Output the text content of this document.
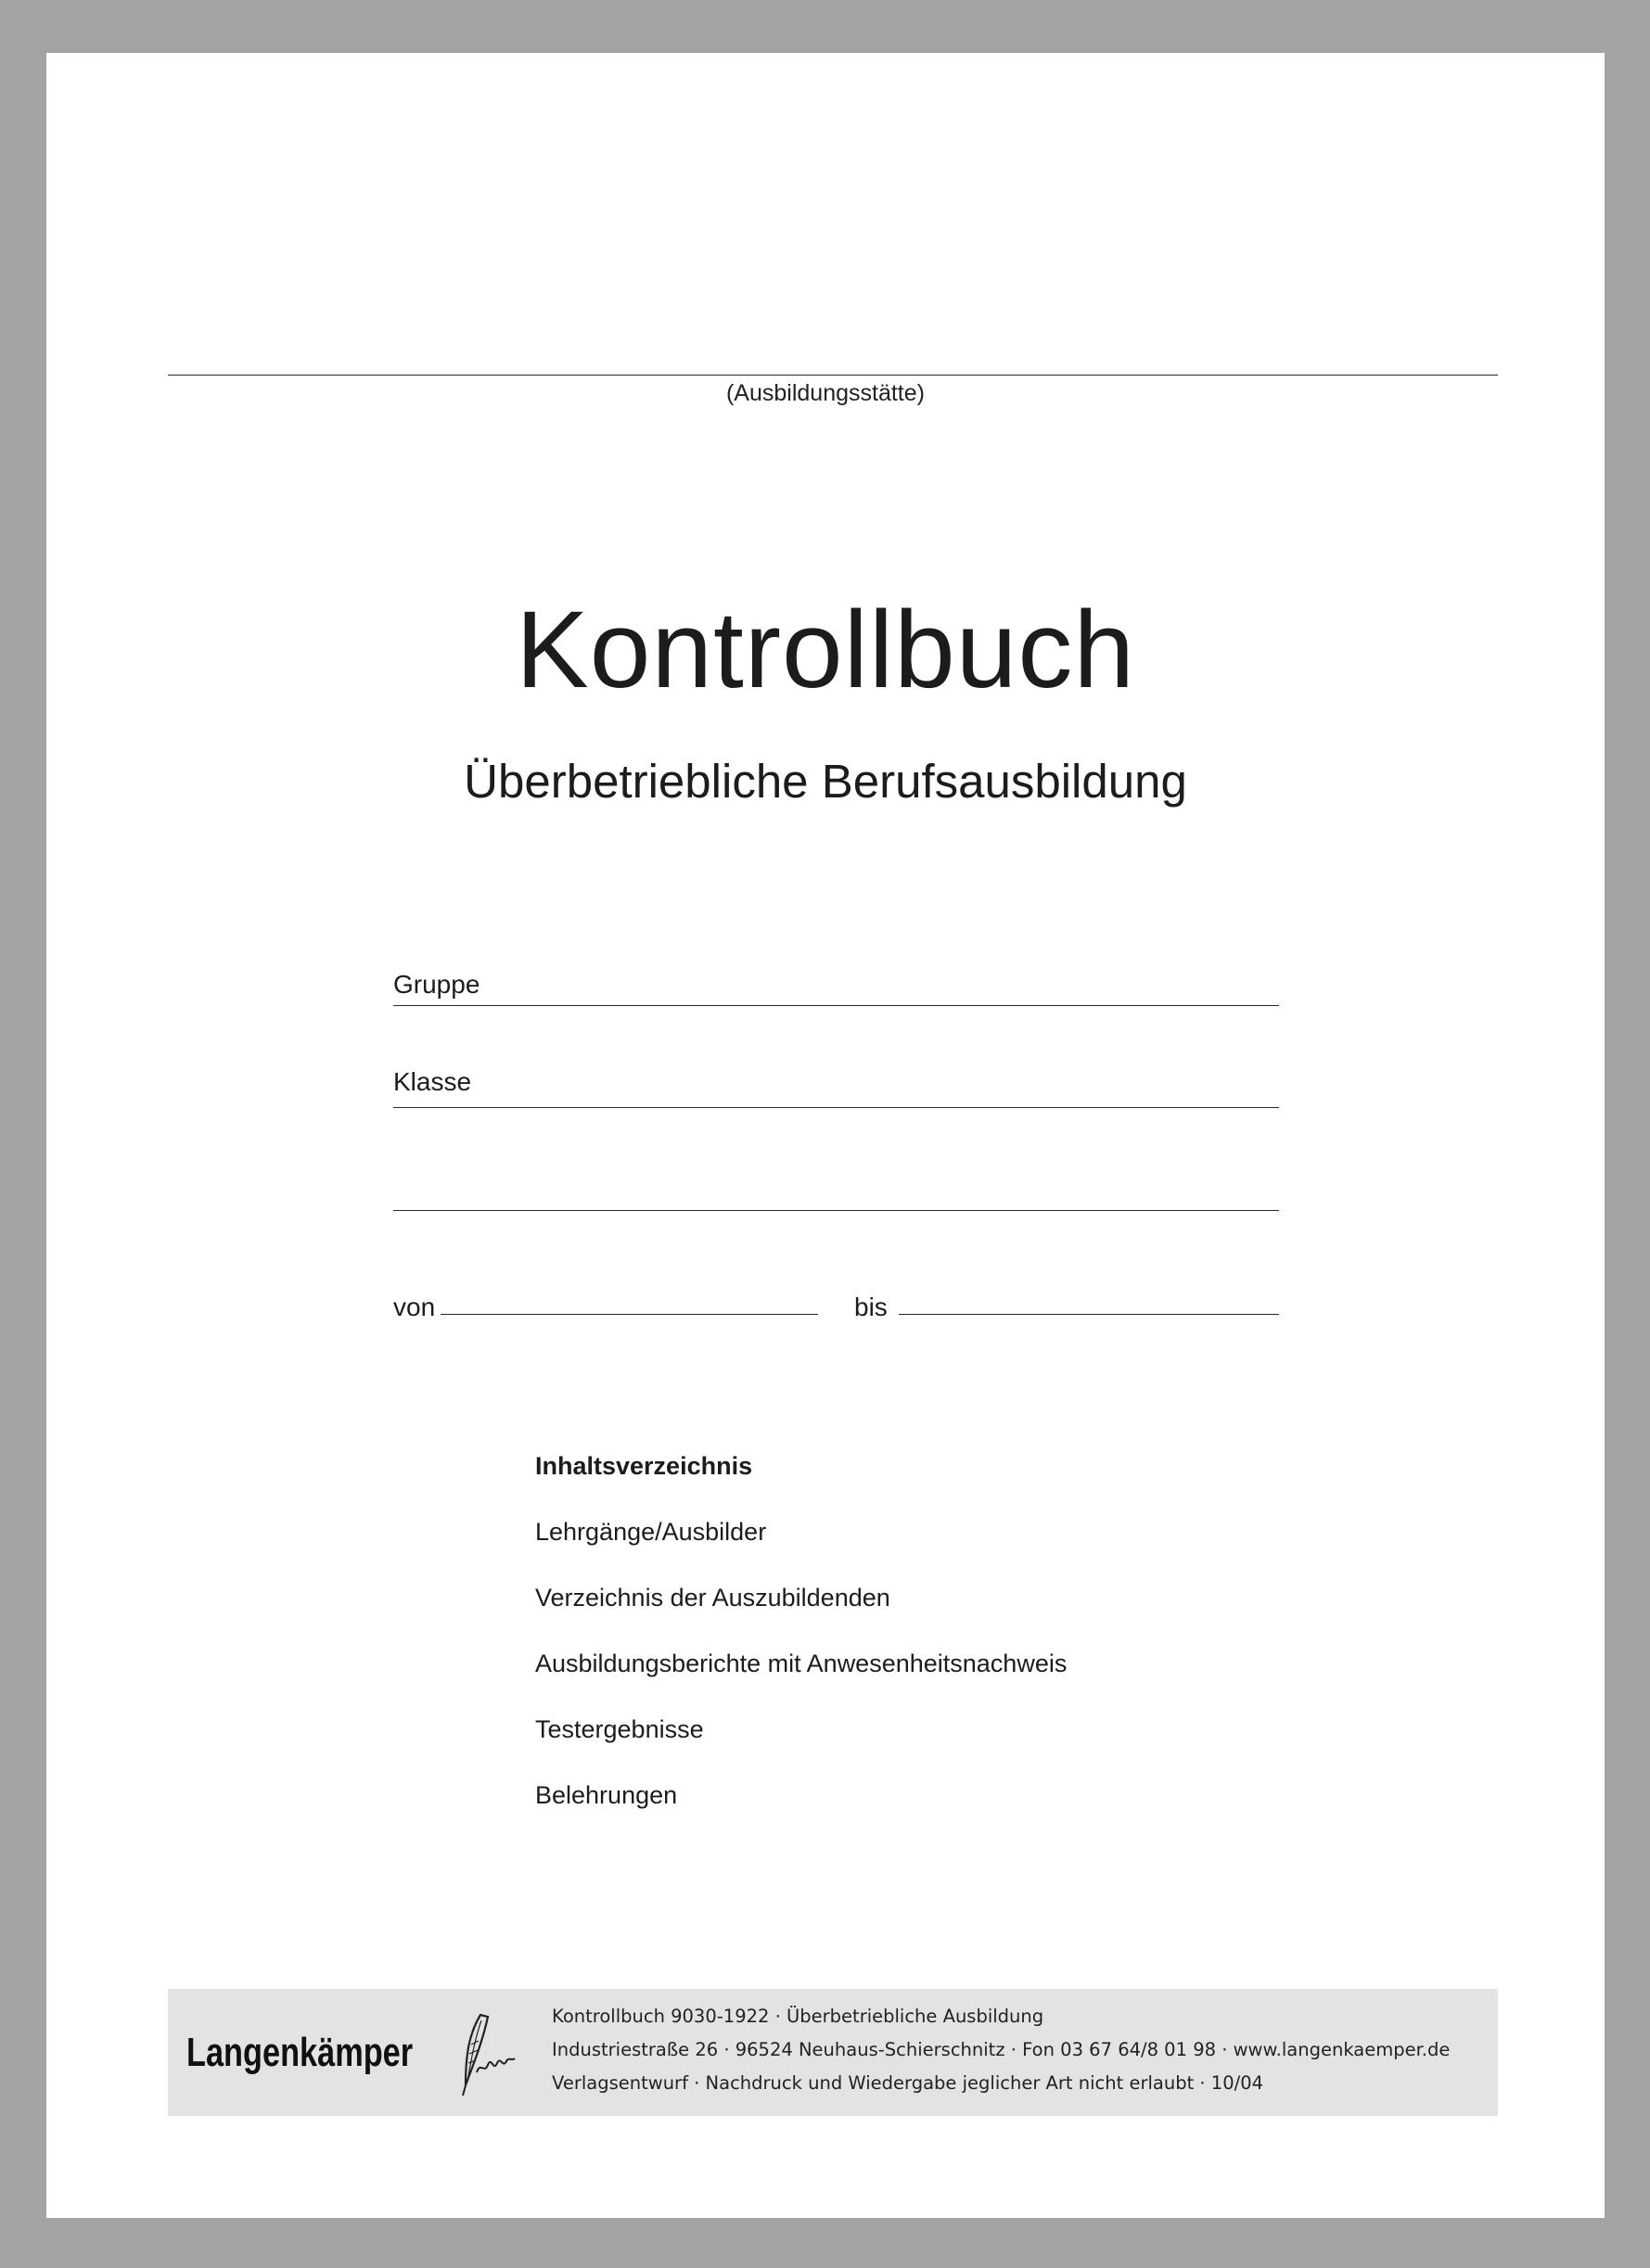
(Ausbildungsstätte)
Kontrollbuch
Überbetriebliche Berufsausbildung
Gruppe
Klasse
von	bis
Inhaltsverzeichnis
Lehrgänge/Ausbilder
Verzeichnis der Auszubildenden
Ausbildungsberichte mit Anwesenheitsnachweis
Testergebnisse
Belehrungen
Langenkämper
Kontrollbuch 9030-1922 · Überbetriebliche Ausbildung
Industriestraße 26 · 96524 Neuhaus-Schierschnitz · Fon 03 67 64/8 01 98 · www.langenkaemper.de
Verlagsentwurf · Nachdruck und Wiedergabe jeglicher Art nicht erlaubt · 10/04
